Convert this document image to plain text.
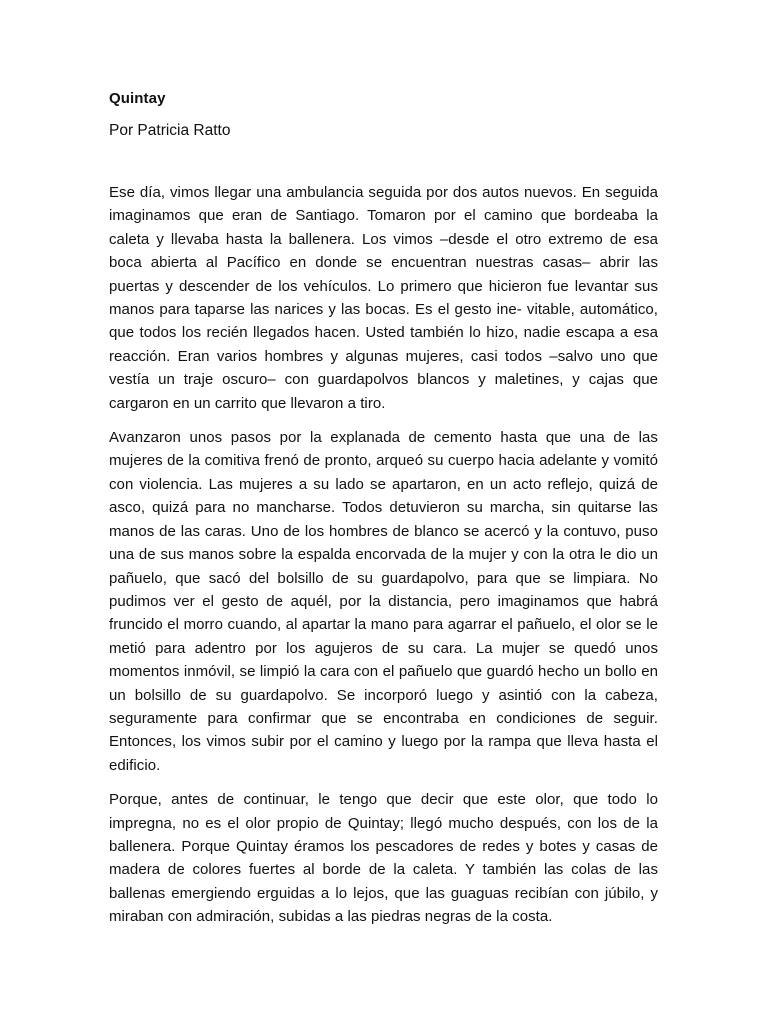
Quintay

Por Patricia Ratto

Ese día, vimos llegar una ambulancia seguida por dos autos nuevos. En seguida imaginamos que eran de Santiago. Tomaron por el camino que bordeaba la caleta y llevaba hasta la ballenera. Los vimos –desde el otro extremo de esa boca abierta al Pacífico en donde se encuentran nuestras casas– abrir las puertas y descender de los vehículos. Lo primero que hicieron fue levantar sus manos para taparse las narices y las bocas. Es el gesto ine- vitable, automático, que todos los recién llegados hacen. Usted también lo hizo, nadie escapa a esa reacción. Eran varios hombres y algunas mujeres, casi todos –salvo uno que vestía un traje oscuro– con guardapolvos blancos y maletines, y cajas que cargaron en un carrito que llevaron a tiro.

Avanzaron unos pasos por la explanada de cemento hasta que una de las mujeres de la comitiva frenó de pronto, arqueó su cuerpo hacia adelante y vomitó con violencia. Las mujeres a su lado se apartaron, en un acto reflejo, quizá de asco, quizá para no mancharse. Todos detuvieron su marcha, sin quitarse las manos de las caras. Uno de los hombres de blanco se acercó y la contuvo, puso una de sus manos sobre la espalda encorvada de la mujer y con la otra le dio un pañuelo, que sacó del bolsillo de su guardapolvo, para que se limpiara. No pudimos ver el gesto de aquél, por la distancia, pero imaginamos que habrá fruncido el morro cuando, al apartar la mano para agarrar el pañuelo, el olor se le metió para adentro por los agujeros de su cara. La mujer se quedó unos momentos inmóvil, se limpió la cara con el pañuelo que guardó hecho un bollo en un bolsillo de su guardapolvo. Se incorporó luego y asintió con la cabeza, seguramente para confirmar que se encontraba en condiciones de seguir. Entonces, los vimos subir por el camino y luego por la rampa que lleva hasta el edificio.

Porque, antes de continuar, le tengo que decir que este olor, que todo lo impregna, no es el olor propio de Quintay; llegó mucho después, con los de la ballenera. Porque Quintay éramos los pescadores de redes y botes y casas de madera de colores fuertes al borde de la caleta. Y también las colas de las ballenas emergiendo erguidas a lo lejos, que las guaguas recibían con júbilo, y miraban con admiración, subidas a las piedras negras de la costa.
